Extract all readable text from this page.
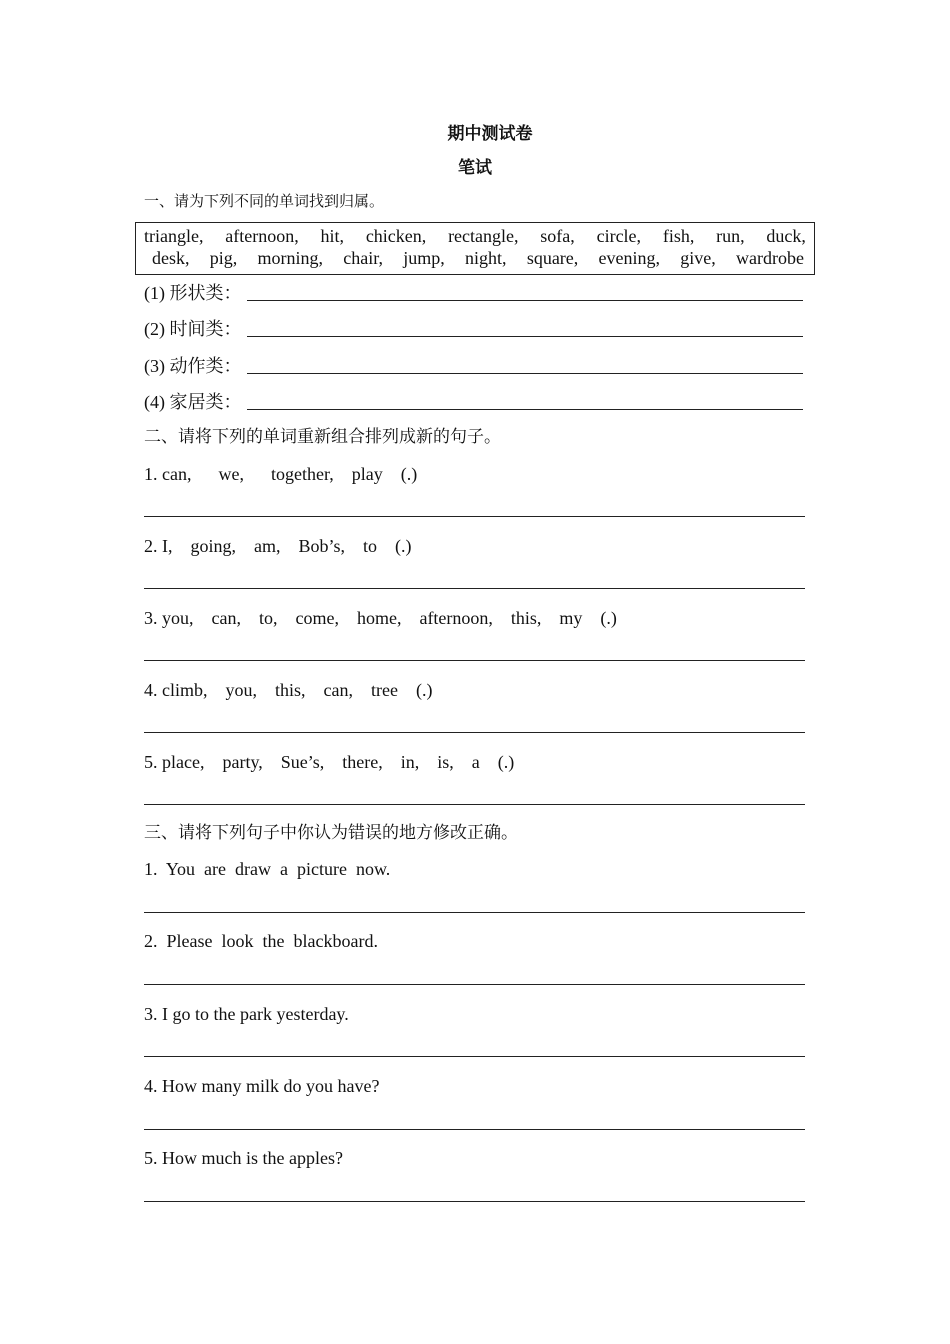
期中测试卷
笔试
一、请为下列不同的单词找到归属。
triangle, afternoon, hit, chicken, rectangle, sofa, circle, fish, run, duck,
desk, pig, morning, chair, jump, night, square, evening, give, wardrobe
(1) 形状类：
(2) 时间类：
(3) 动作类：
(4) 家居类：
二、请将下列的单词重新组合排列成新的句子。
1. can,      we,      together,    play    (.)
2. I,    going,    am,    Bob’s,    to    (.)
3. you,    can,    to,    come,    home,    afternoon,    this,    my    (.)
4. climb,    you,    this,    can,    tree    (.)
5. place,    party,    Sue’s,    there,    in,    is,    a    (.)
三、请将下列句子中你认为错误的地方修改正确。
1.  You  are  draw  a  picture  now.
2.  Please  look  the  blackboard.
3. I go to the park yesterday.
4. How many milk do you have?
5. How much is the apples?
